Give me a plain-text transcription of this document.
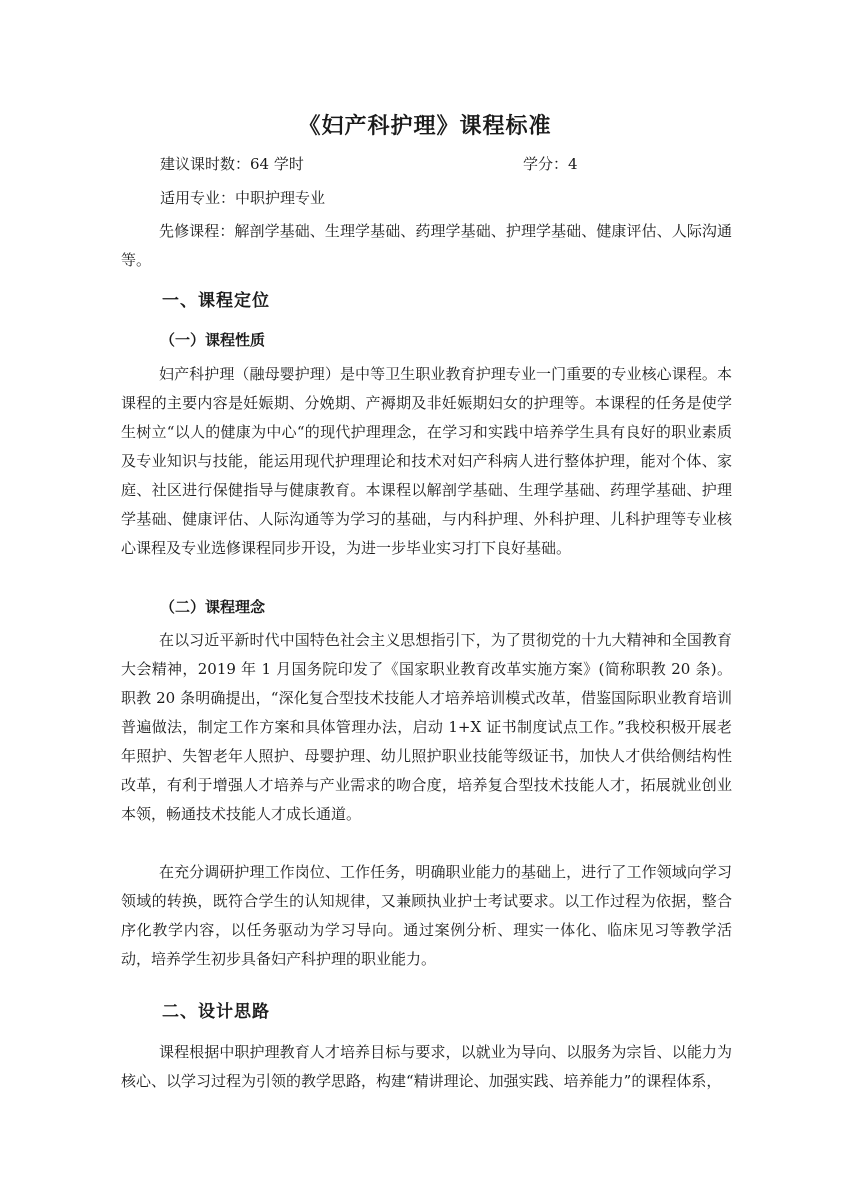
《妇产科护理》课程标准
建议课时数：64 学时	学分：4
适用专业：中职护理专业

先修课程：解剖学基础、生理学基础、药理学基础、护理学基础、健康评估、人际沟通等。

一、课程定位
（一）课程性质

妇产科护理（融母婴护理）是中等卫生职业教育护理专业一门重要的专业核心课程。本课程的主要内容是妊娠期、分娩期、产褥期及非妊娠期妇女的护理等。本课程的任务是使学生树立“以人的健康为中心“的现代护理理念，在学习和实践中培养学生具有良好的职业素质及专业知识与技能，能运用现代护理理论和技术对妇产科病人进行整体护理，能对个体、家庭、社区进行保健指导与健康教育。本课程以解剖学基础、生理学基础、药理学基础、护理学基础、健康评估、人际沟通等为学习的基础，与内科护理、外科护理、儿科护理等专业核心课程及专业选修课程同步开设，为进一步毕业实习打下良好基础。

（二）课程理念

在以习近平新时代中国特色社会主义思想指引下，为了贯彻党的十九大精神和全国教育大会精神，2019 年 1 月国务院印发了《国家职业教育改革实施方案》(简称职教 20 条)。职教 20 条明确提出，“深化复合型技术技能人才培养培训模式改革，借鉴国际职业教育培训普遍做法，制定工作方案和具体管理办法，启动 1+X 证书制度试点工作。”我校积极开展老年照护、失智老年人照护、母婴护理、幼儿照护职业技能等级证书，加快人才供给侧结构性改革，有利于增强人才培养与产业需求的吻合度，培养复合型技术技能人才，拓展就业创业本领，畅通技术技能人才成长通道。

在充分调研护理工作岗位、工作任务，明确职业能力的基础上，进行了工作领域向学习领域的转换，既符合学生的认知规律，又兼顾执业护士考试要求。以工作过程为依据，整合序化教学内容，以任务驱动为学习导向。通过案例分析、理实一体化、临床见习等教学活动，培养学生初步具备妇产科护理的职业能力。

二、设计思路

课程根据中职护理教育人才培养目标与要求，以就业为导向、以服务为宗旨、以能力为核心、以学习过程为引领的教学思路，构建“精讲理论、加强实践、培养能力”的课程体系，
